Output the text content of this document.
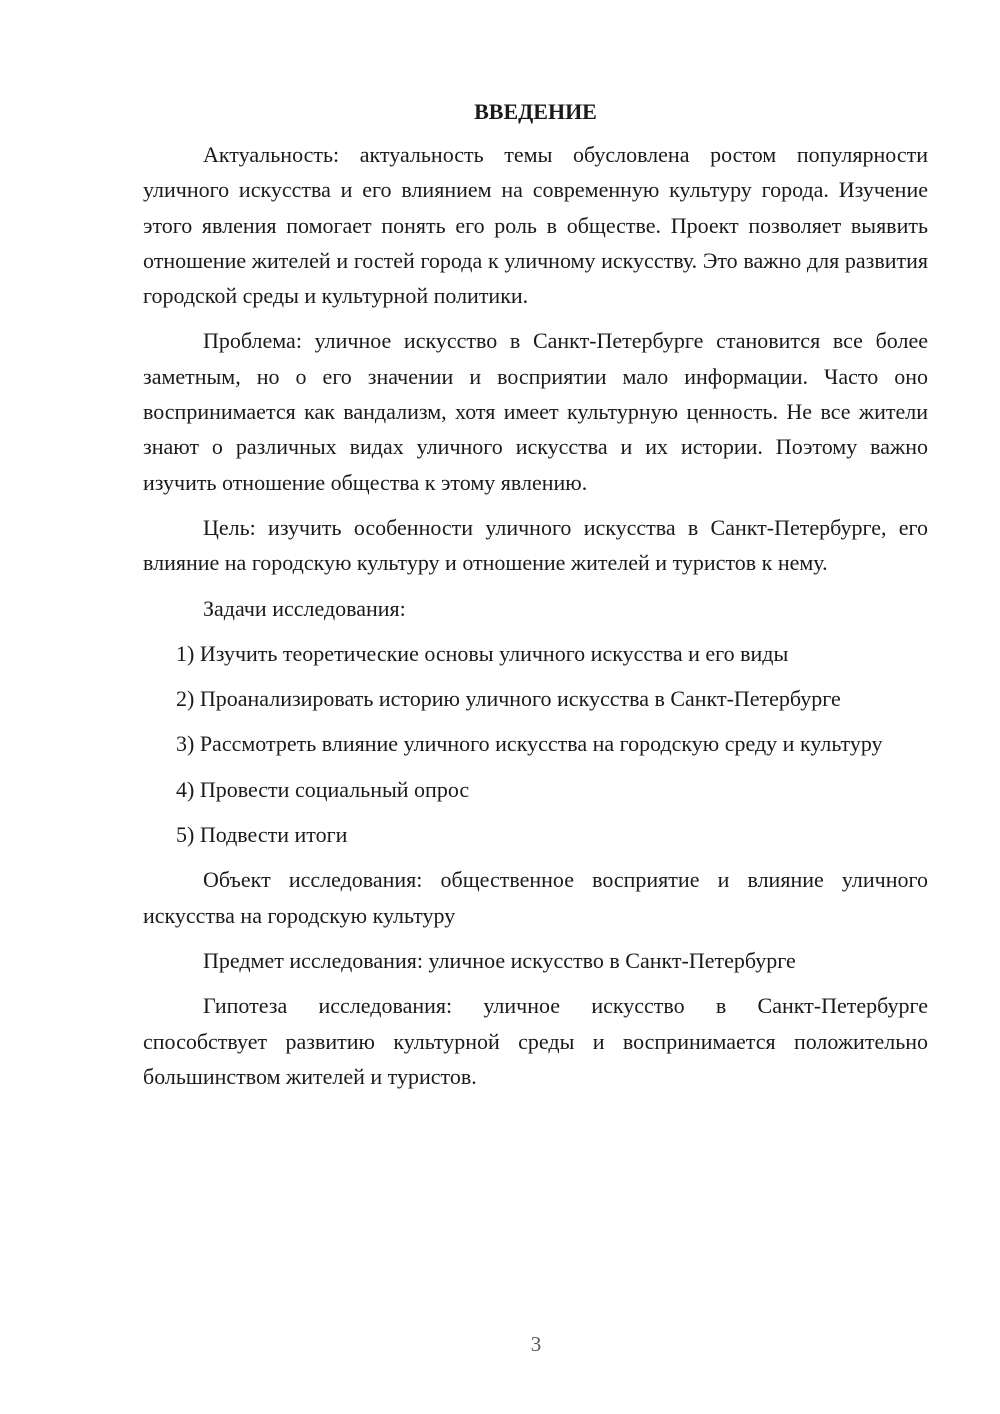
ВВЕДЕНИЕ
Актуальность: актуальность темы обусловлена ростом популярности уличного искусства и его влиянием на современную культуру города. Изучение этого явления помогает понять его роль в обществе. Проект позволяет выявить отношение жителей и гостей города к уличному искусству. Это важно для развития городской среды и культурной политики.
Проблема: уличное искусство в Санкт-Петербурге становится все более заметным, но о его значении и восприятии мало информации. Часто оно воспринимается как вандализм, хотя имеет культурную ценность. Не все жители знают о различных видах уличного искусства и их истории. Поэтому важно изучить отношение общества к этому явлению.
Цель: изучить особенности уличного искусства в Санкт-Петербурге, его влияние на городскую культуру и отношение жителей и туристов к нему.
Задачи исследования:
1) Изучить теоретические основы уличного искусства и его виды
2) Проанализировать историю уличного искусства в Санкт-Петербурге
3) Рассмотреть влияние уличного искусства на городскую среду и культуру
4) Провести социальный опрос
5) Подвести итоги
Объект исследования: общественное восприятие и влияние уличного искусства на городскую культуру
Предмет исследования: уличное искусство в Санкт-Петербурге
Гипотеза исследования: уличное искусство в Санкт-Петербурге способствует развитию культурной среды и воспринимается положительно большинством жителей и туристов.
3
